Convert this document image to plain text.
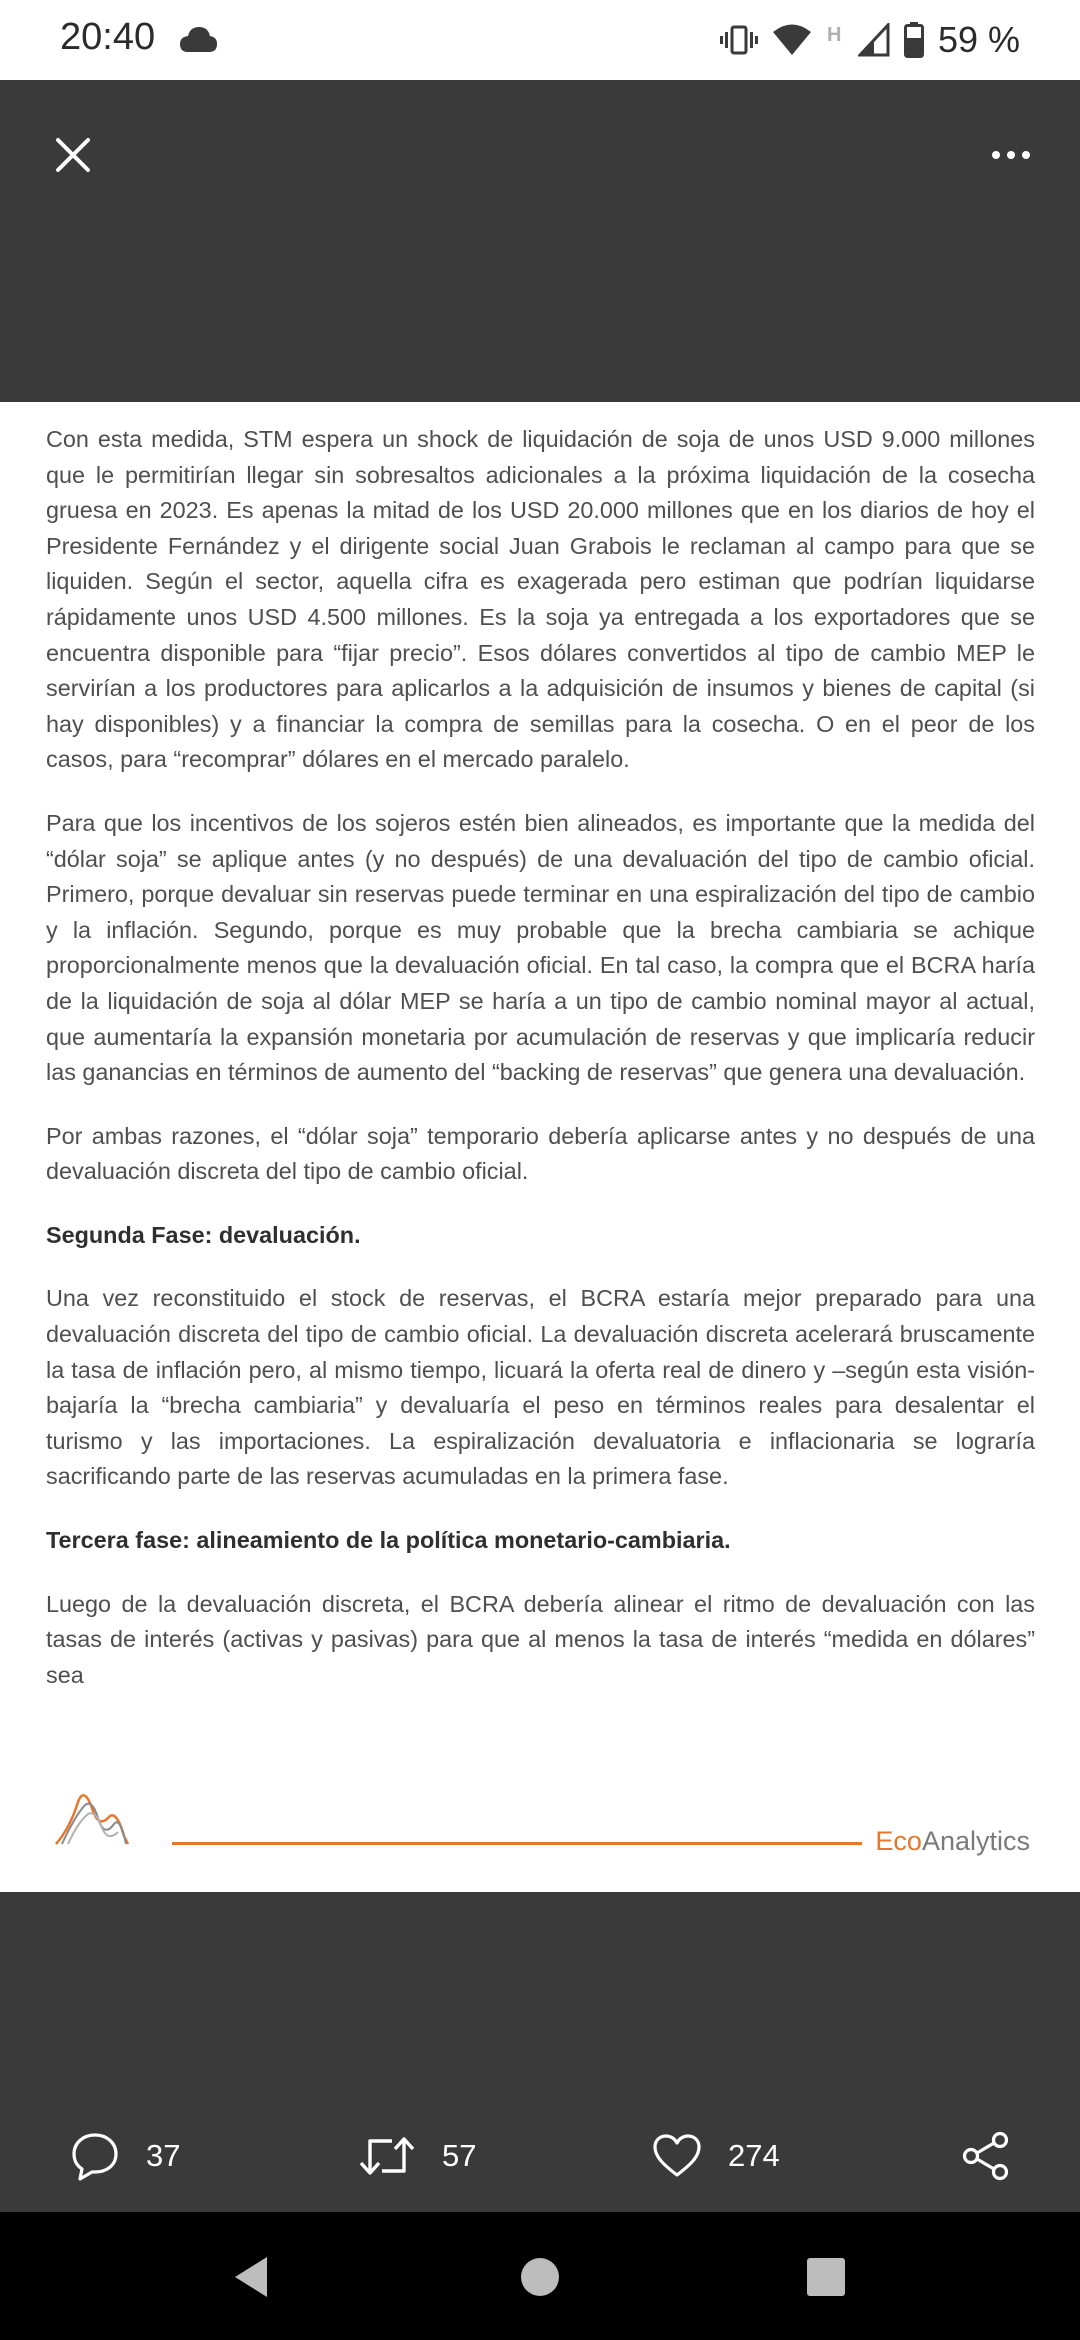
20:40	H	59 %

Con esta medida, STM espera un shock de liquidación de soja de unos USD 9.000 millones que le permitirían llegar sin sobresaltos adicionales a la próxima liquidación de la cosecha gruesa en 2023. Es apenas la mitad de los USD 20.000 millones que en los diarios de hoy el Presidente Fernández y el dirigente social Juan Grabois le reclaman al campo para que se liquiden. Según el sector, aquella cifra es exagerada pero estiman que podrían liquidarse rápidamente unos USD 4.500 millones. Es la soja ya entregada a los exportadores que se encuentra disponible para “fijar precio”. Esos dólares convertidos al tipo de cambio MEP le servirían a los productores para aplicarlos a la adquisición de insumos y bienes de capital (si hay disponibles) y a financiar la compra de semillas para la cosecha. O en el peor de los casos, para “recomprar” dólares en el mercado paralelo.

Para que los incentivos de los sojeros estén bien alineados, es importante que la medida del “dólar soja” se aplique antes (y no después) de una devaluación del tipo de cambio oficial. Primero, porque devaluar sin reservas puede terminar en una espiralización del tipo de cambio y la inflación. Segundo, porque es muy probable que la brecha cambiaria se achique proporcionalmente menos que la devaluación oficial. En tal caso, la compra que el BCRA haría de la liquidación de soja al dólar MEP se haría a un tipo de cambio nominal mayor al actual, que aumentaría la expansión monetaria por acumulación de reservas y que implicaría reducir las ganancias en términos de aumento del “backing de reservas” que genera una devaluación.

Por ambas razones, el “dólar soja” temporario debería aplicarse antes y no después de una devaluación discreta del tipo de cambio oficial.

Segunda Fase: devaluación.

Una vez reconstituido el stock de reservas, el BCRA estaría mejor preparado para una devaluación discreta del tipo de cambio oficial. La devaluación discreta acelerará bruscamente la tasa de inflación pero, al mismo tiempo, licuará la oferta real de dinero y –según esta visión- bajaría la “brecha cambiaria” y devaluaría el peso en términos reales para desalentar el turismo y las importaciones. La espiralización devaluatoria e inflacionaria se lograría sacrificando parte de las reservas acumuladas en la primera fase.

Tercera fase: alineamiento de la política monetario-cambiaria.

Luego de la devaluación discreta, el BCRA debería alinear el ritmo de devaluación con las tasas de interés (activas y pasivas) para que al menos la tasa de interés “medida en dólares” sea

EcoAnalytics
37	57	274
